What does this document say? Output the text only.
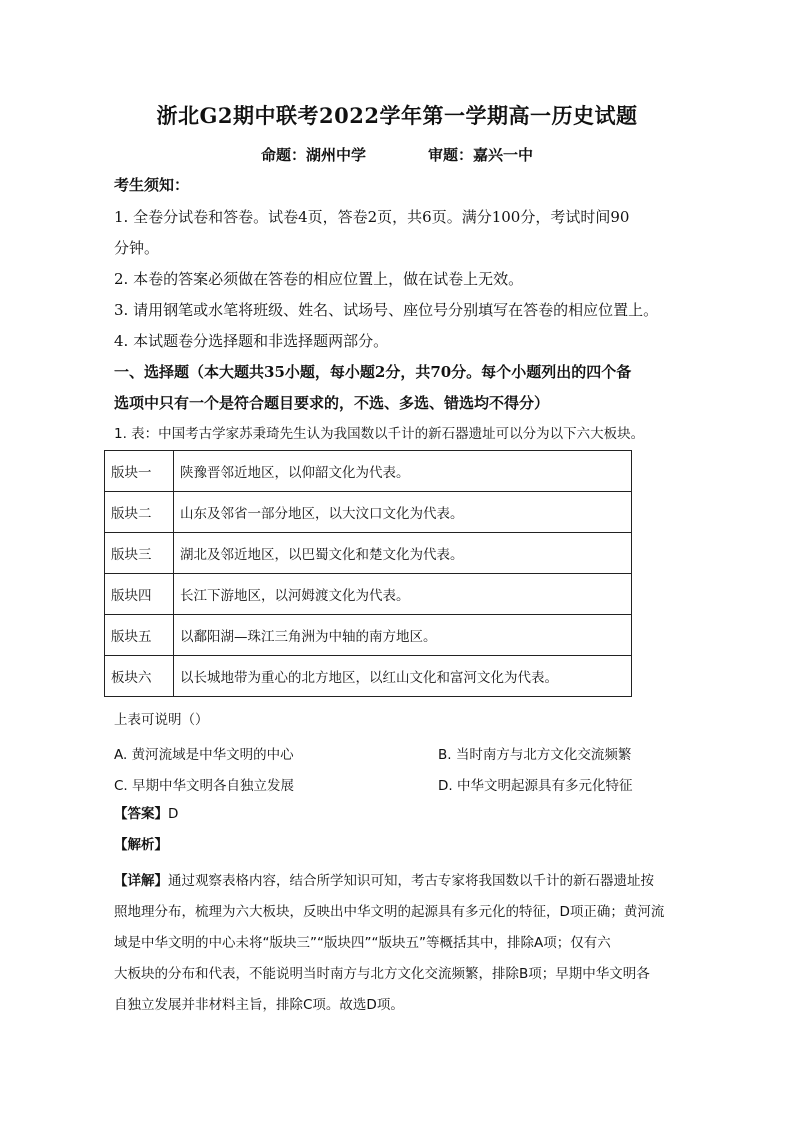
浙北G2期中联考2022学年第一学期高一历史试题
命题：湖州中学	审题：嘉兴一中
考生须知：
1. 全卷分试卷和答卷。试卷4页，答卷2页，共6页。满分100分，考试时间90
分钟。
2. 本卷的答案必须做在答卷的相应位置上，做在试卷上无效。
3. 请用钢笔或水笔将班级、姓名、试场号、座位号分别填写在答卷的相应位置上。
4. 本试题卷分选择题和非选择题两部分。
一、选择题（本大题共35小题，每小题2分，共70分。每个小题列出的四个备
选项中只有一个是符合题目要求的，不选、多选、错选均不得分）
1. 表：中国考古学家苏秉琦先生认为我国数以千计的新石器遗址可以分为以下六大板块。
版块一	陕豫晋邻近地区，以仰韶文化为代表。
版块二	山东及邻省一部分地区，以大汶口文化为代表。
版块三	湖北及邻近地区，以巴蜀文化和楚文化为代表。
版块四	长江下游地区，以河姆渡文化为代表。
版块五	以鄱阳湖—珠江三角洲为中轴的南方地区。
板块六	以长城地带为重心的北方地区，以红山文化和富河文化为代表。
上表可说明（）
A. 黄河流域是中华文明的中心	B. 当时南方与北方文化交流频繁
C. 早期中华文明各自独立发展	D. 中华文明起源具有多元化特征
【答案】D
【解析】
【详解】通过观察表格内容，结合所学知识可知，考古专家将我国数以千计的新石器遗址按
照地理分布，梳理为六大板块，反映出中华文明的起源具有多元化的特征，D项正确；黄河流
域是中华文明的中心未将“版块三”“版块四”“版块五”等概括其中，排除A项；仅有六
大板块的分布和代表，不能说明当时南方与北方文化交流频繁，排除B项；早期中华文明各
自独立发展并非材料主旨，排除C项。故选D项。
